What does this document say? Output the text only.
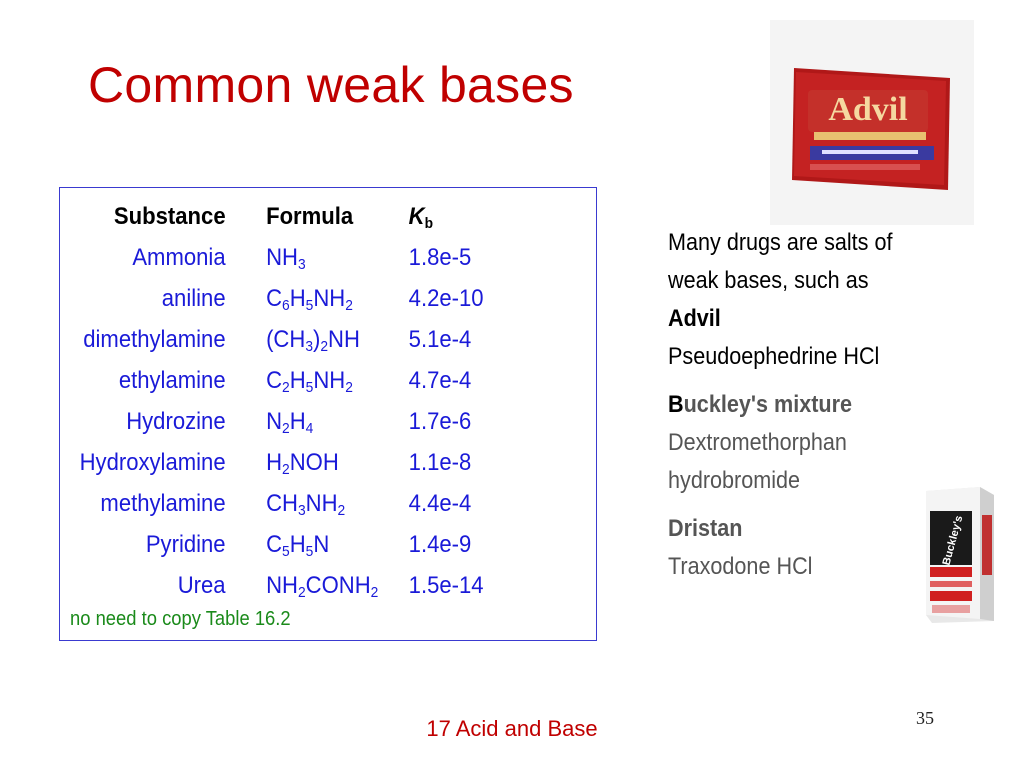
Common weak bases	Advil
Substance Formula $K_b$
Ammonia $NH_3$	1.8e-5
aniline $C_6H_5NH_2$ 4.2e-10
dimethylamine $(CH_3)_2NH$ 5.1e-4
ethylamine $C_2H_5NH_2$ 4.7e-4
Hydrozine $N_2H_4$	1.7e-6
Hydroxylamine $H_2NOH$	1.1e-8
methylamine $CH_3NH_2$	4.4e-4
Pyridine $C_5H_5N$	1.4e-9
Urea $NH_2CONH_2$ 1.5e-14
no need to copy Table 16.2
Many drugs are salts of
weak bases, such as
Advil
Pseudoephedrine HCl
Buckley's mixture
Dextromethorphan
hydrobromide
Dristan
Traxodone HCl	Buckley's
17 Acid and Base	35
